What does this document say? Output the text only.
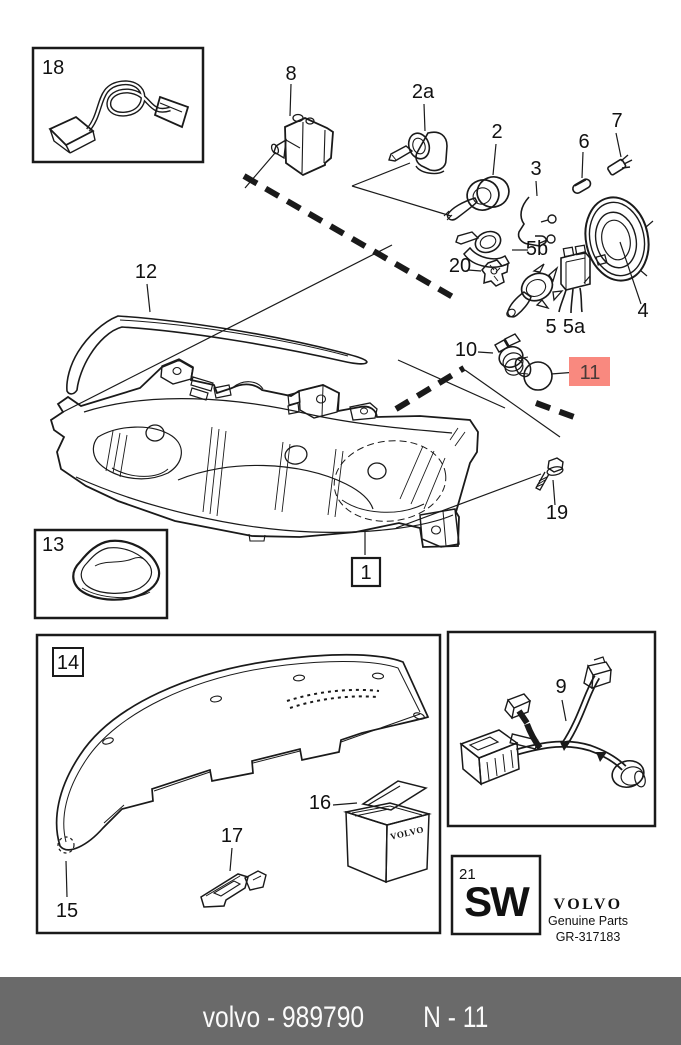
18	8
2a
2
3
6
7
5b
20
5 5a
4
10
19
12
1
13
14
15
17	VOLVO
16
9
21
SW VOLVO
Genuine Parts
GR-317183
11
volvo - 989790 N - 11
